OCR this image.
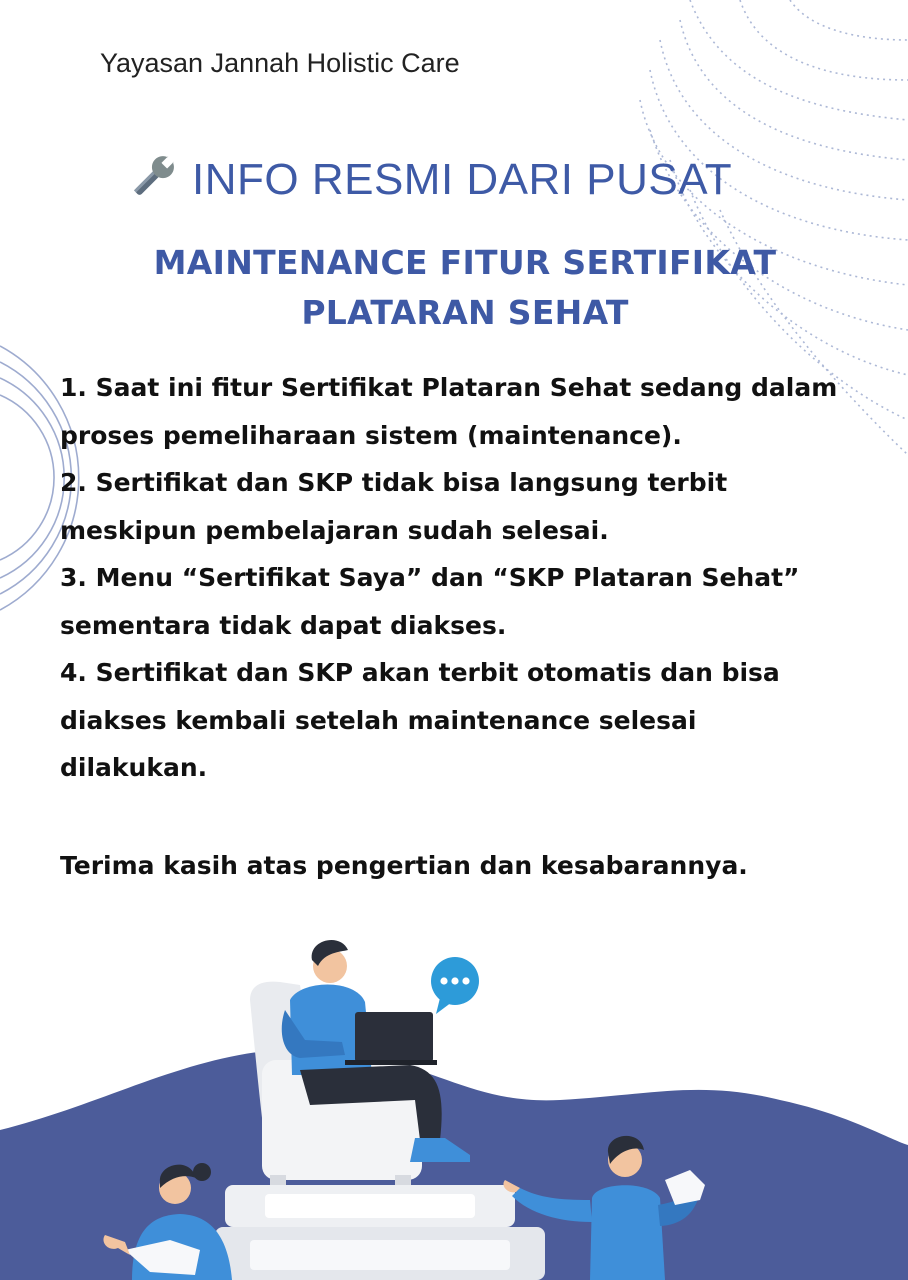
Yayasan Jannah Holistic Care
INFO RESMI DARI PUSAT
MAINTENANCE FITUR SERTIFIKAT
PLATARAN SEHAT

1. Saat ini fitur Sertifikat Plataran Sehat sedang dalam proses pemeliharaan sistem (maintenance).

2. Sertifikat dan SKP tidak bisa langsung terbit meskipun pembelajaran sudah selesai.

3. Menu “Sertifikat Saya” dan “SKP Plataran Sehat” sementara tidak dapat diakses.

4. Sertifikat dan SKP akan terbit otomatis dan bisa diakses kembali setelah maintenance selesai dilakukan.

Terima kasih atas pengertian dan kesabarannya.
